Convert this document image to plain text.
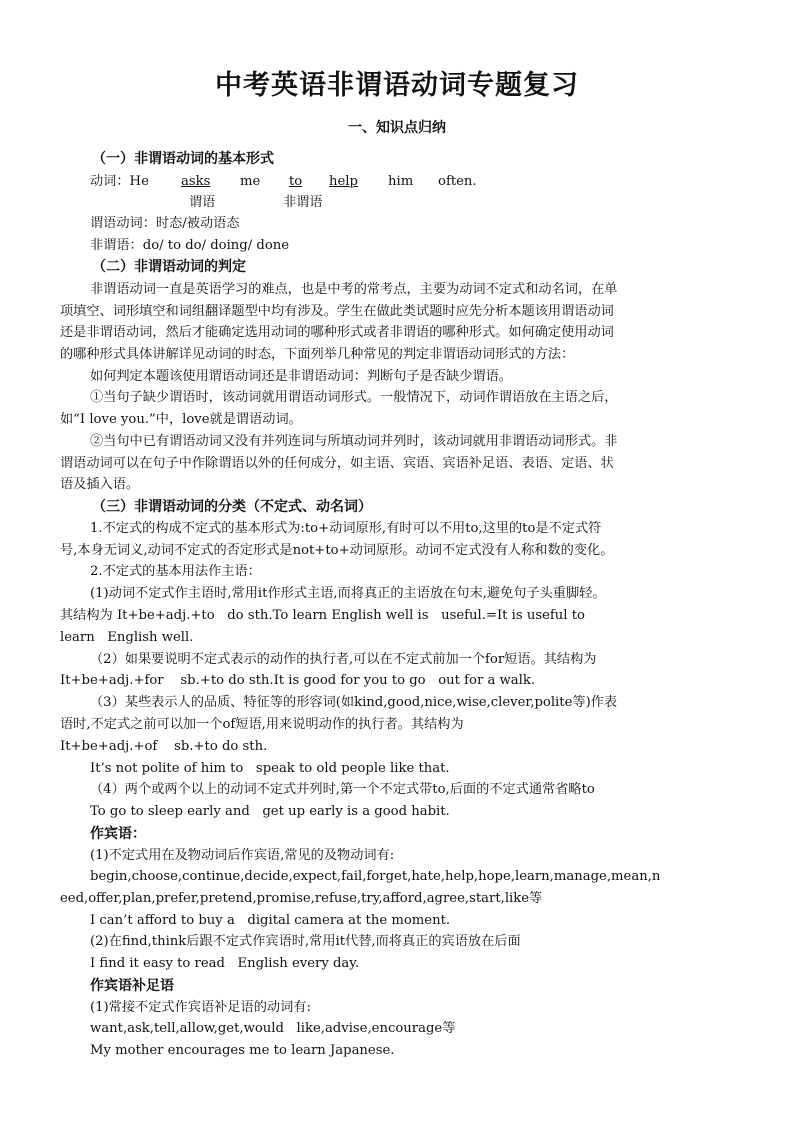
中考英语非谓语动词专题复习
一、知识点归纳
（一）非谓语动词的基本形式

动词：He

asks

me

to

help

him

often.

谓语

	非谓语

谓语动词：时态/被动语态
非谓语：do/ to do/ doing/ done
（二）非谓语动词的判定
非谓语动词一直是英语学习的难点，也是中考的常考点，主要为动词不定式和动名词，在单
项填空、词形填空和词组翻译题型中均有涉及。学生在做此类试题时应先分析本题该用谓语动词
还是非谓语动词，然后才能确定选用动词的哪种形式或者非谓语的哪种形式。如何确定使用动词
的哪种形式具体讲解详见动词的时态，下面列举几种常见的判定非谓语动词形式的方法：
如何判定本题该使用谓语动词还是非谓语动词：判断句子是否缺少谓语。
①当句子缺少谓语时，该动词就用谓语动词形式。一般情况下，动词作谓语放在主语之后，
如“I love you.”中，love就是谓语动词。
②当句中已有谓语动词又没有并列连词与所填动词并列时，该动词就用非谓语动词形式。非
谓语动词可以在句子中作除谓语以外的任何成分，如主语、宾语、宾语补足语、表语、定语、状
语及插入语。
（三）非谓语动词的分类（不定式、动名词）
1.不定式的构成不定式的基本形式为:to+动词原形,有时可以不用to,这里的to是不定式符
号,本身无词义,动词不定式的否定形式是not+to+动词原形。动词不定式没有人称和数的变化。
2.不定式的基本用法作主语：
(1)动词不定式作主语时,常用it作形式主语,而将真正的主语放在句末,避免句子头重脚轻。
其结构为 It+be+adj.+to   do sth.To learn English well is   useful.=It is useful to
learn   English well.
（2）如果要说明不定式表示的动作的执行者,可以在不定式前加一个for短语。其结构为
It+be+adj.+for    sb.+to do sth.It is good for you to go   out for a walk.
（3）某些表示人的品质、特征等的形容词(如kind,good,nice,wise,clever,polite等)作表
语时,不定式之前可以加一个of短语,用来说明动作的执行者。其结构为
It+be+adj.+of    sb.+to do sth.
It’s not polite of him to   speak to old people like that.
（4）两个或两个以上的动词不定式并列时,第一个不定式带to,后面的不定式通常省略to
To go to sleep early and   get up early is a good habit.
作宾语：
(1)不定式用在及物动词后作宾语,常见的及物动词有:
begin,choose,continue,decide,expect,fail,forget,hate,help,hope,learn,manage,mean,n
eed,offer,plan,prefer,pretend,promise,refuse,try,afford,agree,start,like等
I can’t afford to buy a   digital camera at the moment.
(2)在find,think后跟不定式作宾语时,常用it代替,而将真正的宾语放在后面
I find it easy to read   English every day.
作宾语补足语
(1)常接不定式作宾语补足语的动词有:
want,ask,tell,allow,get,would   like,advise,encourage等
My mother encourages me to learn Japanese.
